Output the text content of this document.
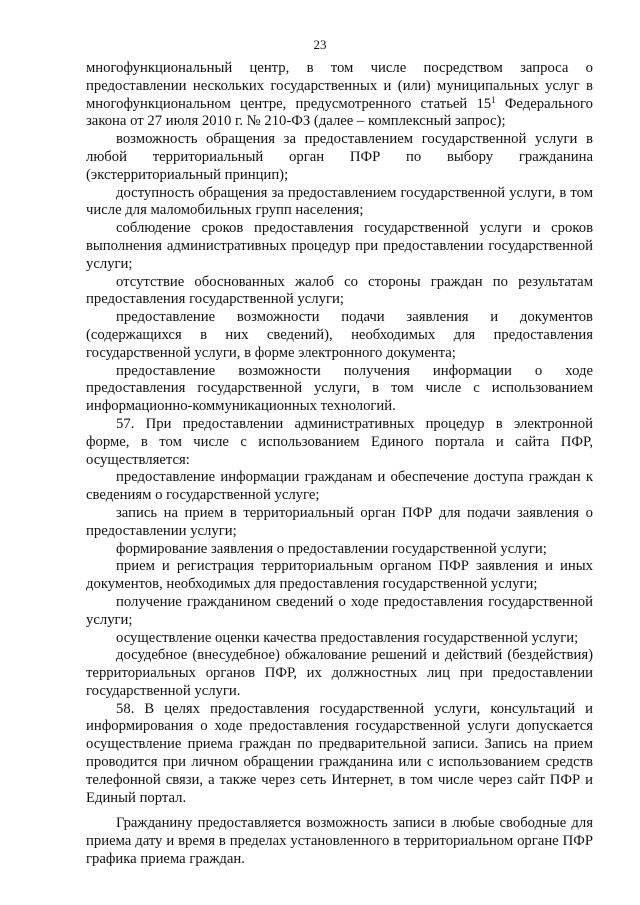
23

многофункциональный центр, в том числе посредством запроса о предоставлении нескольких государственных и (или) муниципальных услуг в многофункциональном центре, предусмотренного статьей $15^1$ Федерального закона от 27 июля 2010 г. № 210-ФЗ (далее – комплексный запрос);

возможность обращения за предоставлением государственной услуги в любой территориальный орган ПФР по выбору гражданина (экстерриториальный принцип);

доступность обращения за предоставлением государственной услуги, в том числе для маломобильных групп населения;

соблюдение сроков предоставления государственной услуги и сроков выполнения административных процедур при предоставлении государственной услуги;

отсутствие обоснованных жалоб со стороны граждан по результатам предоставления государственной услуги;

предоставление возможности подачи заявления и документов (содержащихся в них сведений), необходимых для предоставления государственной услуги, в форме электронного документа;

предоставление возможности получения информации о ходе предоставления государственной услуги, в том числе с использованием информационно-коммуникационных технологий.

57. При предоставлении административных процедур в электронной форме, в том числе с использованием Единого портала и сайта ПФР, осуществляется:

предоставление информации гражданам и обеспечение доступа граждан к сведениям о государственной услуге;

запись на прием в территориальный орган ПФР для подачи заявления о предоставлении услуги;

формирование заявления о предоставлении государственной услуги;

прием и регистрация территориальным органом ПФР заявления и иных документов, необходимых для предоставления государственной услуги;

получение гражданином сведений о ходе предоставления государственной услуги;

осуществление оценки качества предоставления государственной услуги;

досудебное (внесудебное) обжалование решений и действий (бездействия) территориальных органов ПФР, их должностных лиц при предоставлении государственной услуги.

58. В целях предоставления государственной услуги, консультаций и информирования о ходе предоставления государственной услуги допускается осуществление приема граждан по предварительной записи. Запись на прием проводится при личном обращении гражданина или с использованием средств телефонной связи, а также через сеть Интернет, в том числе через сайт ПФР и Единый портал.

Гражданину предоставляется возможность записи в любые свободные для приема дату и время в пределах установленного в территориальном органе ПФР графика приема граждан.
